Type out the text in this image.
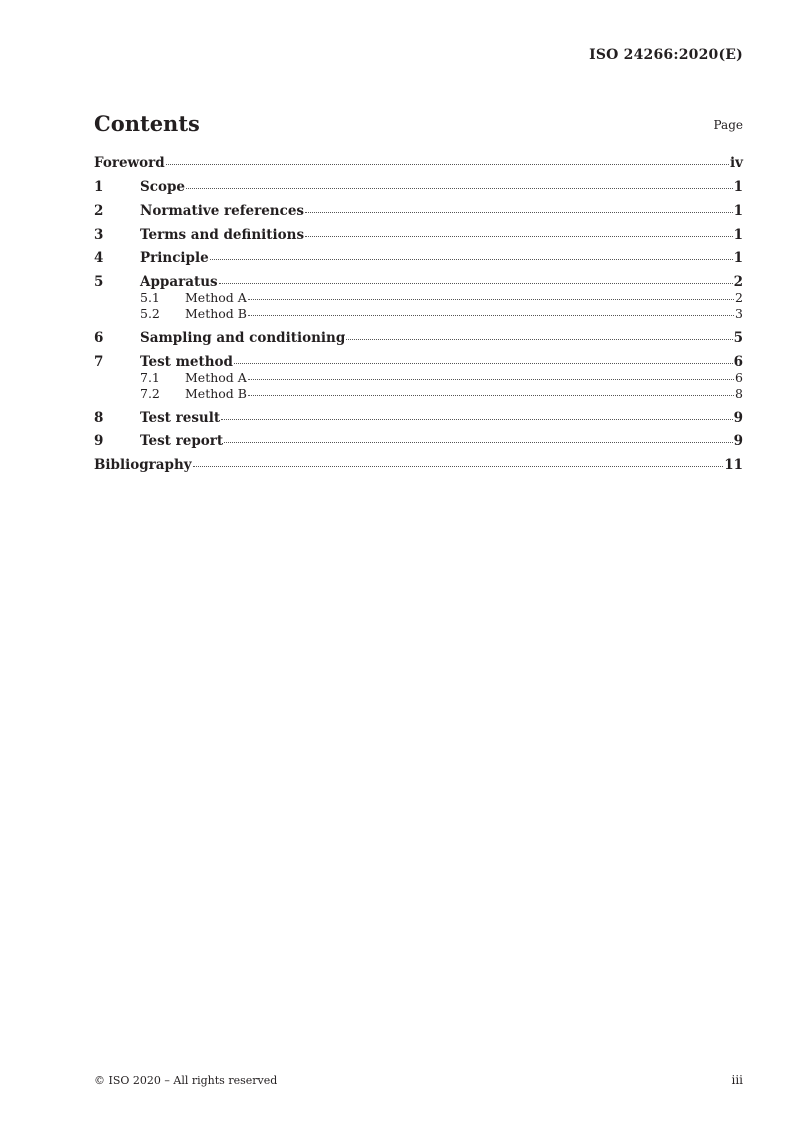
ISO 24266:2020(E)
Contents	Page
Foreword	iv
1	Scope	1
2	Normative references	1
3	Terms and definitions	1
4	Principle	1
5	Apparatus	2
5.1	Method A	2
5.2	Method B	3
6	Sampling and conditioning	5
7	Test method	6
7.1	Method A	6
7.2	Method B	8
8	Test result	9
9	Test report	9
Bibliography	11
© ISO 2020 – All rights reserved	iii
